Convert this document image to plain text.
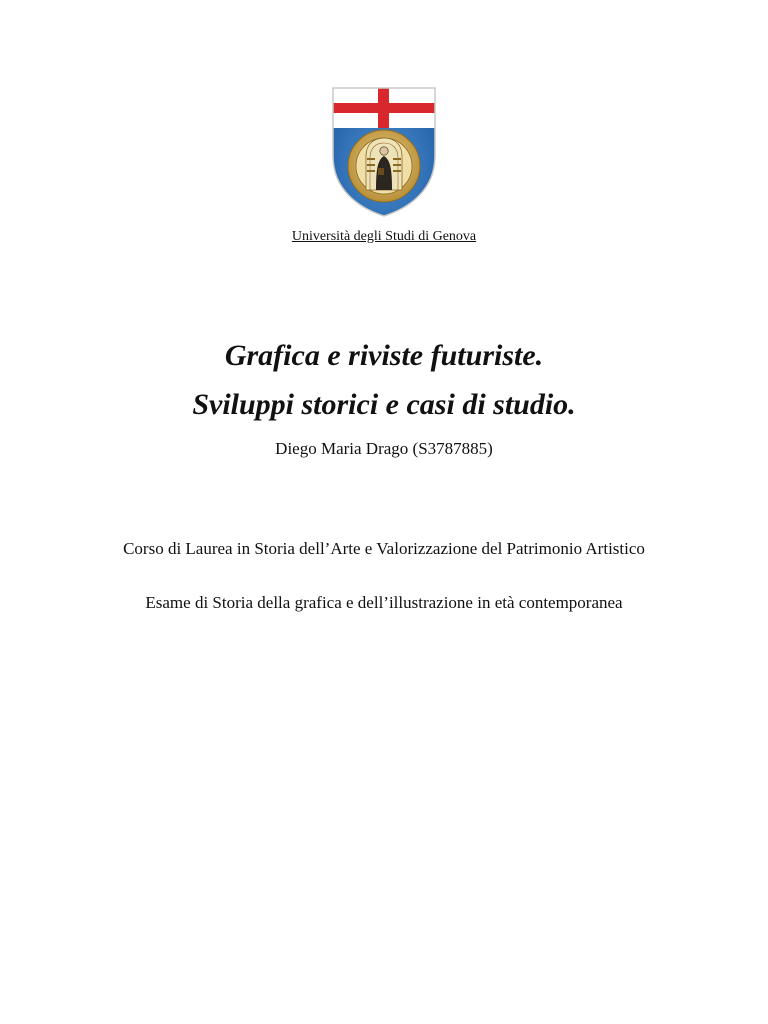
Università degli Studi di Genova
Grafica e riviste futuriste.
Sviluppi storici e casi di studio.
Diego Maria Drago (S3787885)
Corso di Laurea in Storia dell’Arte e Valorizzazione del Patrimonio Artistico
Esame di Storia della grafica e dell’illustrazione in età contemporanea
